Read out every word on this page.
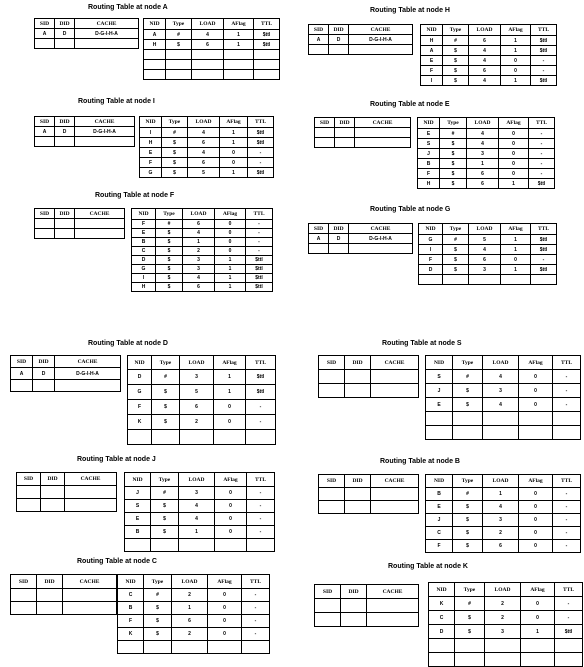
Routing Table at node A
SID	DID	CACHE
A	D	D-G-I-H-A

NID	Type	LOAD	AFlag	TTL
A	#	4	1	$ttl
H	$	6	1	$ttl

Routing Table at node H
SID	DID	CACHE
A	D	D-G-I-H-A

NID	Type	LOAD	AFlag	TTL
H	#	6	1	$ttl
A	$	4	1	$ttl
E	$	4	0	-
F	$	6	0	-
I	$	4	1	$ttl
Routing Table at node I
SID	DID	CACHE
A	D	D-G-I-H-A

NID	Type	LOAD	AFlag	TTL
I	#	4	1	$ttl
H	$	6	1	$ttl
E	$	4	0	-
F	$	6	0	-
G	$	5	1	$ttl
Routing Table at node E
SID	DID	CACHE

			NID	Type	LOAD	AFlag	TTL
E	#	4	0	-
S	$	4	0	-
J	$	3	0	-
B	$	1	0	-
F	$	6	0	-
H	$	6	1	$ttl
Routing Table at node F
SID	DID	CACHE

			NID	Type	LOAD	AFlag	TTL
F	#	6	0	-
E	$	4	0	-
B	$	1	0	-
C	$	2	0	-
D	$	3	1	$ttl
G	$	3	1	$ttl
I	$	4	1	$ttl
H	$	6	1	$ttl
Routing Table at node G
SID	DID	CACHE
A	D	D-G-I-H-A

NID	Type	LOAD	AFlag	TTL
G	#	5	1	$ttl
I	$	4	1	$ttl
F	$	6	0	-
D	$	3	1	$ttl

Routing Table at node D
SID	DID	CACHE
A	D	D-G-I-H-A

NID	Type	LOAD	AFlag	TTL
D	#	3	1	$ttl
G	$	5	1	$ttl
F	$	6	0	-
K	$	2	0	-

Routing Table at node S
SID	DID	CACHE

			NID	Type	LOAD	AFlag	TTL
S	#	4	0	-
J	$	3	0	-
E	$	4	0	-

Routing Table at node J
SID	DID	CACHE

			NID	Type	LOAD	AFlag	TTL
J	#	3	0	-
S	$	4	0	-
E	$	4	0	-
B	$	1	0	-

Routing Table at node B
SID	DID	CACHE

			NID	Type	LOAD	AFlag	TTL
B	#	1	0	-
E	$	4	0	-
J	$	3	0	-
C	$	2	0	-
F	$	6	0	-
Routing Table at node C
SID	DID	CACHE

			NID	Type	LOAD	AFlag	TTL
C	#	2	0	-
B	$	1	0	-
F	$	6	0	-
K	$	2	0	-

Routing Table at node K
SID	DID	CACHE

			NID	Type	LOAD	AFlag	TTL
K	#	2	0	-
C	$	2	0	-
D	$	3	1	$ttl
